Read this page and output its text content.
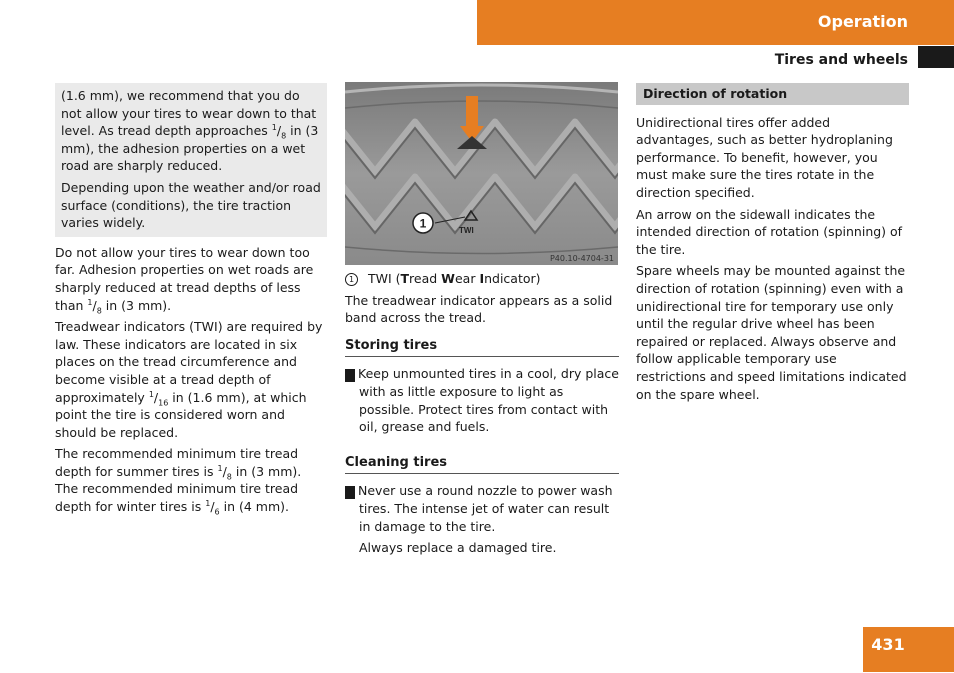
Operation
Tires and wheels

(1.6 mm), we recommend that you do not allow your tires to wear down to that level. As tread depth approaches $^1/_8$ in (3 mm), the adhesion properties on a wet road are sharply reduced.

Depending upon the weather and/or road surface (conditions), the tire traction varies widely.

Do not allow your tires to wear down too far. Adhesion properties on wet roads are sharply reduced at tread depths of less than $^1/_8$ in (3 mm).

Treadwear indicators (TWI) are required by law. These indicators are located in six places on the tread circumference and become visible at a tread depth of approximately $^1/_{16}$ in (1.6 mm), at which point the tire is considered worn and should be replaced.

The recommended minimum tire tread depth for summer tires is $^1/_8$ in (3 mm). The recommended minimum tire tread depth for winter tires is $^1/_6$ in (4 mm).

1	TWI
P40.10-4704-31

1 TWI (Tread Wear Indicator)

The treadwear indicator appears as a solid band across the tread.

Storing tires

! Keep unmounted tires in a cool, dry place with as little exposure to light as possible. Protect tires from contact with oil, grease and fuels.

Cleaning tires

! Never use a round nozzle to power wash tires. The intense jet of water can result in damage to the tire.

Always replace a damaged tire.

Direction of rotation

Unidirectional tires offer added advantages, such as better hydroplaning performance. To benefit, however, you must make sure the tires rotate in the direction specified.

An arrow on the sidewall indicates the intended direction of rotation (spinning) of the tire.

Spare wheels may be mounted against the direction of rotation (spinning) even with a unidirectional tire for temporary use only until the regular drive wheel has been repaired or replaced. Always observe and follow applicable temporary use restrictions and speed limitations indicated on the spare wheel.

431
